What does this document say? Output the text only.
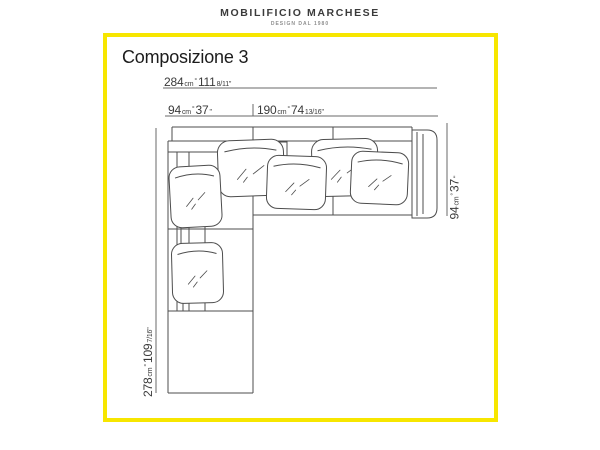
MOBILIFICIO MARCHESE
DESIGN DAL 1980
Composizione 3
284cm°1118/11"
94cm°37"	190cm°7413/16"
94cm°37"
278cm°1097/16"
